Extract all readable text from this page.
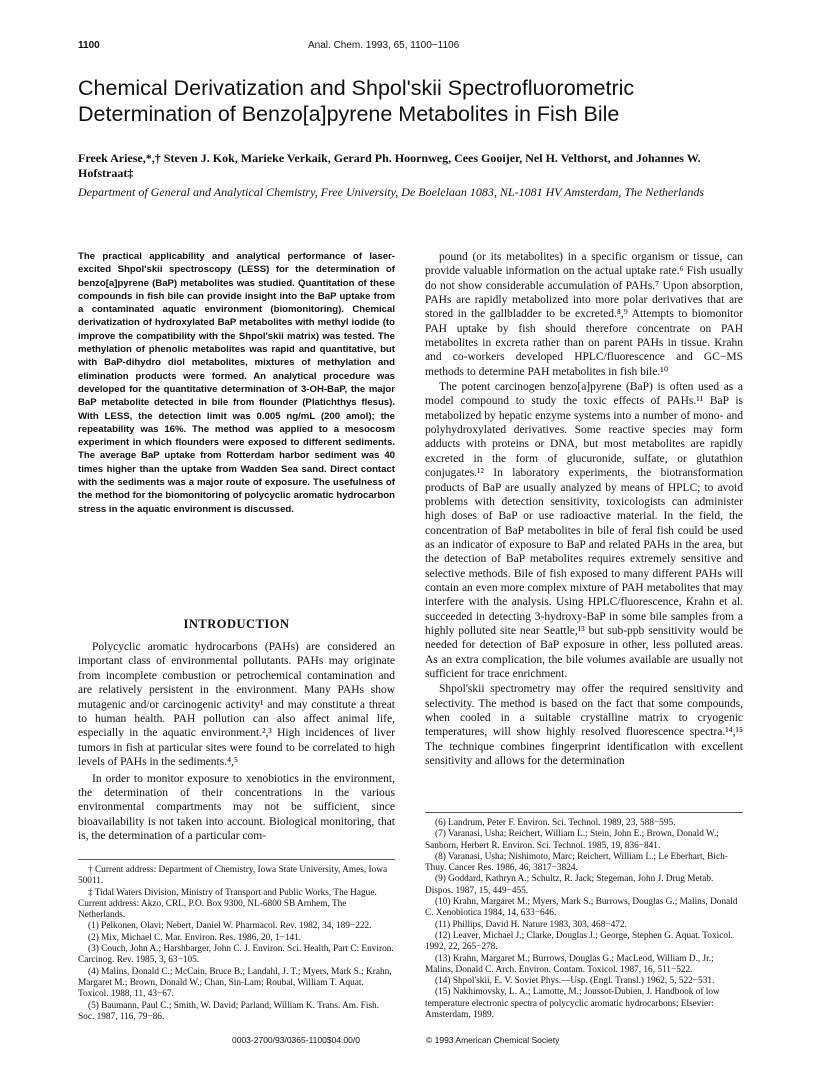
1100	Anal. Chem. 1993, 65, 1100−1106
Chemical Derivatization and Shpol'skii Spectrofluorometric Determination of Benzo[a]pyrene Metabolites in Fish Bile

Freek Ariese,*,† Steven J. Kok, Marieke Verkaik, Gerard Ph. Hoornweg, Cees Gooijer, Nel H. Velthorst, and Johannes W. Hofstraat‡

Department of General and Analytical Chemistry, Free University, De Boelelaan 1083, NL-1081 HV Amsterdam, The Netherlands

The practical applicability and analytical performance of laser-excited Shpol'skii spectroscopy (LESS) for the determination of benzo[a]pyrene (BaP) metabolites was studied. Quantitation of these compounds in fish bile can provide insight into the BaP uptake from a contaminated aquatic environment (biomonitoring). Chemical derivatization of hydroxylated BaP metabolites with methyl iodide (to improve the compatibility with the Shpol'skii matrix) was tested. The methylation of phenolic metabolites was rapid and quantitative, but with BaP-dihydro diol metabolites, mixtures of methylation and elimination products were formed. An analytical procedure was developed for the quantitative determination of 3-OH-BaP, the major BaP metabolite detected in bile from flounder (Platichthys flesus). With LESS, the detection limit was 0.005 ng/mL (200 amol); the repeatability was 16%. The method was applied to a mesocosm experiment in which flounders were exposed to different sediments. The average BaP uptake from Rotterdam harbor sediment was 40 times higher than the uptake from Wadden Sea sand. Direct contact with the sediments was a major route of exposure. The usefulness of the method for the biomonitoring of polycyclic aromatic hydrocarbon stress in the aquatic environment is discussed.

INTRODUCTION

Polycyclic aromatic hydrocarbons (PAHs) are considered an important class of environmental pollutants. PAHs may originate from incomplete combustion or petrochemical contamination and are relatively persistent in the environment. Many PAHs show mutagenic and/or carcinogenic activity¹ and may constitute a threat to human health. PAH pollution can also affect animal life, especially in the aquatic environment.²,³ High incidences of liver tumors in fish at particular sites were found to be correlated to high levels of PAHs in the sediments.⁴,⁵

In order to monitor exposure to xenobiotics in the environment, the determination of their concentrations in the various environmental compartments may not be sufficient, since bioavailability is not taken into account. Biological monitoring, that is, the determination of a particular com-

pound (or its metabolites) in a specific organism or tissue, can provide valuable information on the actual uptake rate.⁶ Fish usually do not show considerable accumulation of PAHs.⁷ Upon absorption, PAHs are rapidly metabolized into more polar derivatives that are stored in the gallbladder to be excreted.⁸,⁹ Attempts to biomonitor PAH uptake by fish should therefore concentrate on PAH metabolites in excreta rather than on parent PAHs in tissue. Krahn and co-workers developed HPLC/fluorescence and GC−MS methods to determine PAH metabolites in fish bile.¹⁰

The potent carcinogen benzo[a]pyrene (BaP) is often used as a model compound to study the toxic effects of PAHs.¹¹ BaP is metabolized by hepatic enzyme systems into a number of mono- and polyhydroxylated derivatives. Some reactive species may form adducts with proteins or DNA, but most metabolites are rapidly excreted in the form of glucuronide, sulfate, or glutathion conjugates.¹² In laboratory experiments, the biotransformation products of BaP are usually analyzed by means of HPLC; to avoid problems with detection sensitivity, toxicologists can administer high doses of BaP or use radioactive material. In the field, the concentration of BaP metabolites in bile of feral fish could be used as an indicator of exposure to BaP and related PAHs in the area, but the detection of BaP metabolites requires extremely sensitive and selective methods. Bile of fish exposed to many different PAHs will contain an even more complex mixture of PAH metabolites that may interfere with the analysis. Using HPLC/fluorescence, Krahn et al. succeeded in detecting 3-hydroxy-BaP in some bile samples from a highly polluted site near Seattle,¹³ but sub-ppb sensitivity would be needed for detection of BaP exposure in other, less polluted areas. As an extra complication, the bile volumes available are usually not sufficient for trace enrichment.

Shpol'skii spectrometry may offer the required sensitivity and selectivity. The method is based on the fact that some compounds, when cooled in a suitable crystalline matrix to cryogenic temperatures, will show highly resolved fluorescence spectra.¹⁴,¹⁵ The technique combines fingerprint identification with excellent sensitivity and allows for the determination

† Current address: Department of Chemistry, Iowa State University, Ames, Iowa 50011.

‡ Tidal Waters Division, Ministry of Transport and Public Works, The Hague. Current address: Akzo, CRL, P.O. Box 9300, NL-6800 SB Arnhem, The Netherlands.

(1) Pelkonen, Olavi; Nebert, Daniel W. Pharmacol. Rev. 1982, 34, 189−222.

(2) Mix, Michael C. Mar. Environ. Res. 1986, 20, 1−141.

(3) Couch, John A.; Harshbarger, John C. J. Environ. Sci. Health, Part C: Environ. Carcinog. Rev. 1985, 3, 63−105.

(4) Malins, Donald C.; McCain, Bruce B.; Landahl, J. T.; Myers, Mark S.; Krahn, Margaret M.; Brown, Donald W.; Chan, Sin-Lam; Roubal, William T. Aquat. Toxicol. 1988, 11, 43−67.

(5) Baumann, Paul C.; Smith, W. David; Parland, William K. Trans. Am. Fish. Soc. 1987, 116, 79−86.

(6) Landrum, Peter F. Environ. Sci. Technol. 1989, 23, 588−595.

(7) Varanasi, Usha; Reichert, William L.; Stein, John E.; Brown, Donald W.; Sanborn, Herbert R. Environ. Sci. Technol. 1985, 19, 836−841.

(8) Varanasi, Usha; Nishimoto, Marc; Reichert, William L.; Le Eberhart, Bich-Thuy. Cancer Res. 1986, 46, 3817−3824.

(9) Goddard, Kathryn A.; Schultz, R. Jack; Stegeman, John J. Drug Metab. Dispos. 1987, 15, 449−455.

(10) Krahn, Margaret M.; Myers, Mark S.; Burrows, Douglas G.; Malins, Donald C. Xenobiotica 1984, 14, 633−646.

(11) Phillips, David H. Nature 1983, 303, 468−472.

(12) Leaver, Michael J.; Clarke, Douglas J.; George, Stephen G. Aquat. Toxicol. 1992, 22, 265−278.

(13) Krahn, Margaret M.; Burrows, Douglas G.; MacLeod, William D., Jr.; Malins, Donald C. Arch. Environ. Contam. Toxicol. 1987, 16, 511−522.

(14) Shpol'skii, E. V. Soviet Phys.—Usp. (Engl. Transl.) 1962, 5, 522−531.

(15) Nakhimovsky, L. A.; Lamotte, M.; Joussot-Dubien, J. Handbook of low temperature electronic spectra of polycyclic aromatic hydrocarbons; Elsevier: Amsterdam, 1989.

0003-2700/93/0365-1100$04.00/0	© 1993 American Chemical Society
